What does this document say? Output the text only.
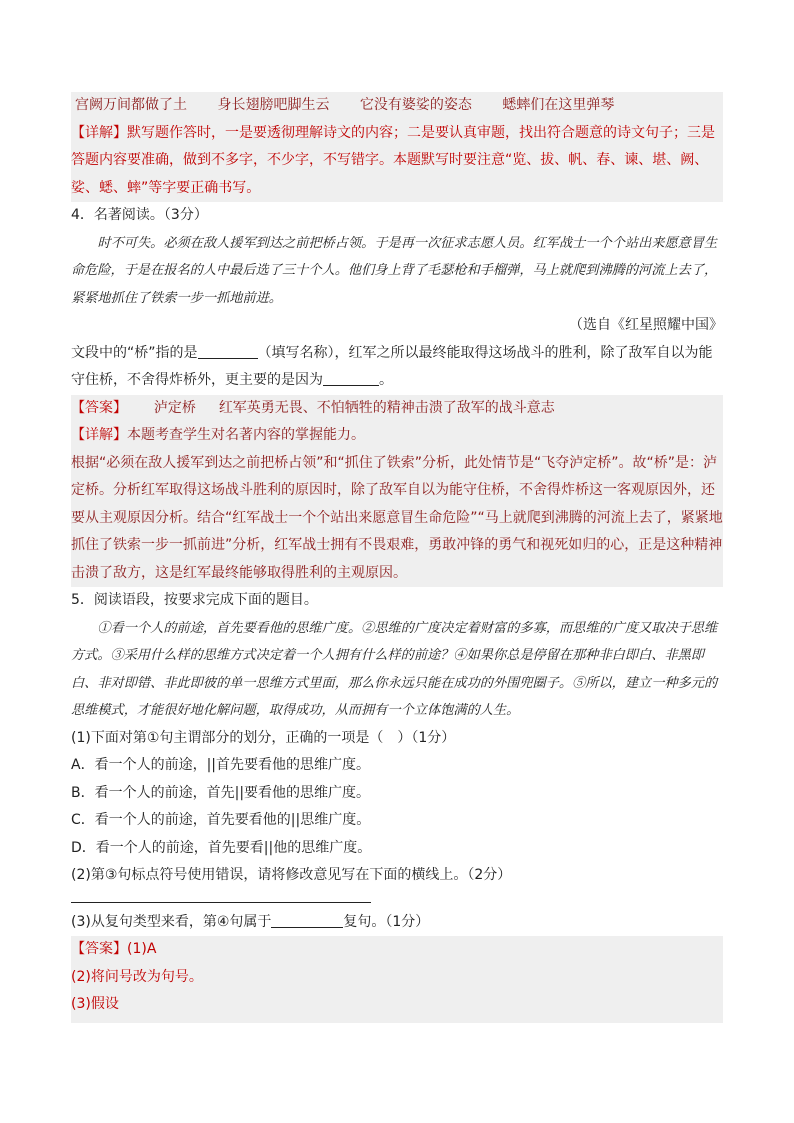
宫阙万间都做了土 身长翅膀吧脚生云 它没有婆娑的姿态 蟋蟀们在这里弹琴

【详解】默写题作答时，一是要透彻理解诗文的内容；二是要认真审题，找出符合题意的诗文句子；三是答题内容要准确，做到不多字，不少字，不写错字。本题默写时要注意“览、拔、帆、春、谏、堪、阙、娑、蟋、蟀”等字要正确书写。

4．名著阅读。（3分）

时不可失。必须在敌人援军到达之前把桥占领。于是再一次征求志愿人员。红军战士一个个站出来愿意冒生命危险，于是在报名的人中最后选了三十个人。他们身上背了毛瑟枪和手榴弹，马上就爬到沸腾的河流上去了，紧紧地抓住了铁索一步一抓地前进。

（选自《红星照耀中国》

文段中的“桥”指的是	（填写名称），红军之所以最终能取得这场战斗的胜利，除了敌军自以为能守住桥，不舍得炸桥外，更主要的是因为	。

【答案】 泸定桥 红军英勇无畏、不怕牺牲的精神击溃了敌军的战斗意志

【详解】本题考查学生对名著内容的掌握能力。

根据“必须在敌人援军到达之前把桥占领”和“抓住了铁索”分析，此处情节是“飞夺泸定桥”。故“桥”是：泸定桥。分析红军取得这场战斗胜利的原因时，除了敌军自以为能守住桥，不舍得炸桥这一客观原因外，还要从主观原因分析。结合“红军战士一个个站出来愿意冒生命危险”“马上就爬到沸腾的河流上去了，紧紧地抓住了铁索一步一抓前进”分析，红军战士拥有不畏艰难，勇敢冲锋的勇气和视死如归的心，正是这种精神击溃了敌方，这是红军最终能够取得胜利的主观原因。

5．阅读语段，按要求完成下面的题目。

①看一个人的前途，首先要看他的思维广度。②思维的广度决定着财富的多寡，而思维的广度又取决于思维方式。③采用什么样的思维方式决定着一个人拥有什么样的前途？④如果你总是停留在那种非白即白、非黑即白、非对即错、非此即彼的单一思维方式里面，那么你永远只能在成功的外围兜圈子。⑤所以，建立一种多元的思维模式，才能很好地化解问题，取得成功，从而拥有一个立体饱满的人生。

(1)下面对第①句主谓部分的划分，正确的一项是（　）（1分）

A．看一个人的前途，||首先要看他的思维广度。

B．看一个人的前途，首先||要看他的思维广度。

C．看一个人的前途，首先要看他的||思维广度。

D．看一个人的前途，首先要看||他的思维广度。

(2)第③句标点符号使用错误，请将修改意见写在下面的横线上。（2分）

(3)从复句类型来看，第④句属于	复句。（1分）

【答案】(1)A

(2)将问号改为句号。

(3)假设
